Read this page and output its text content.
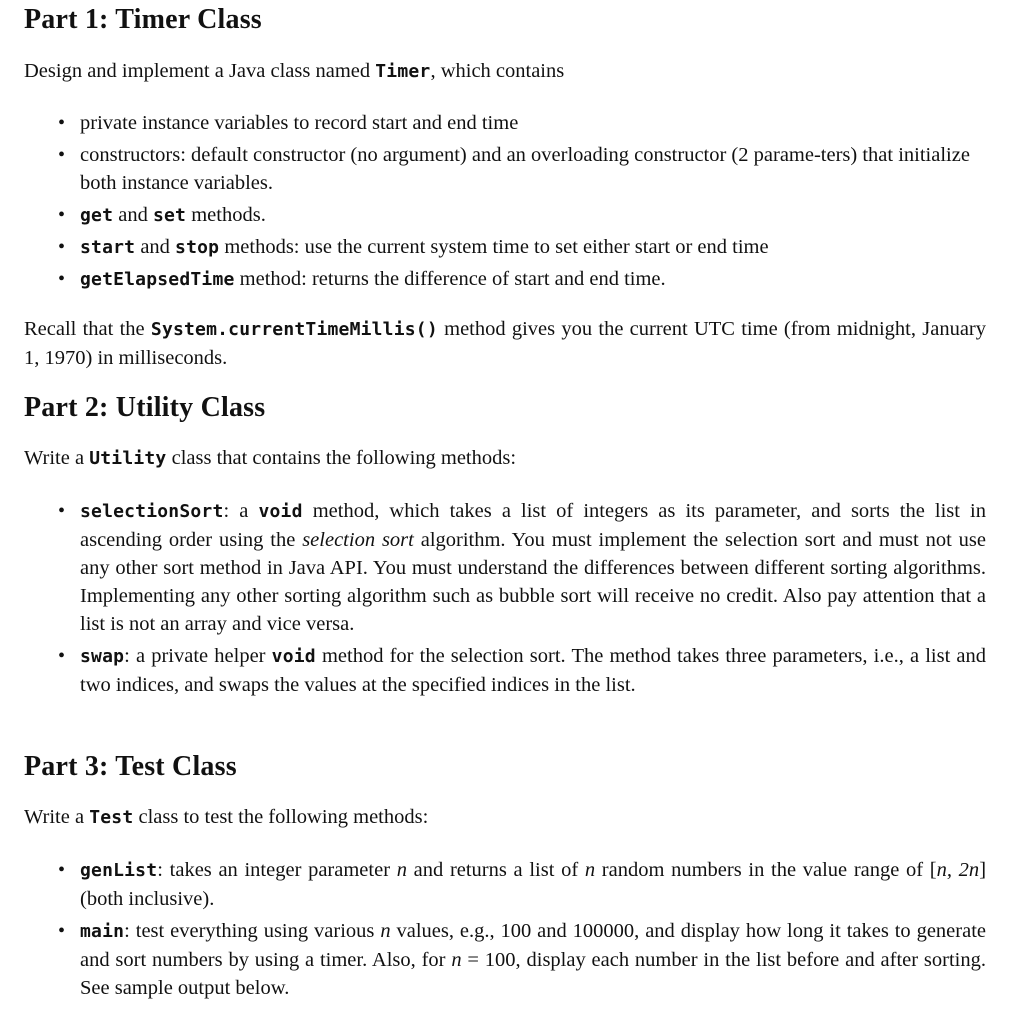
Part 1: Timer Class

Design and implement a Java class named Timer, which contains

• private instance variables to record start and end time
• constructors: default constructor (no argument) and an overloading constructor (2 parame-ters) that initialize both instance variables.
• get and set methods.
• start and stop methods: use the current system time to set either start or end time
• getElapsedTime method: returns the difference of start and end time.

Recall that the System.currentTimeMillis() method gives you the current UTC time (from midnight, January 1, 1970) in milliseconds.

Part 2: Utility Class

Write a Utility class that contains the following methods:

• selectionSort: a void method, which takes a list of integers as its parameter, and sorts the list in ascending order using the selection sort algorithm. You must implement the selection sort and must not use any other sort method in Java API. You must understand the differences between different sorting algorithms. Implementing any other sorting algorithm such as bubble sort will receive no credit. Also pay attention that a list is not an array and vice versa.
• swap: a private helper void method for the selection sort. The method takes three parameters, i.e., a list and two indices, and swaps the values at the specified indices in the list.
Part 3: Test Class

Write a Test class to test the following methods:

• genList: takes an integer parameter n and returns a list of n random numbers in the value range of [n, 2n] (both inclusive).
• main: test everything using various n values, e.g., 100 and 100000, and display how long it takes to generate and sort numbers by using a timer. Also, for n = 100, display each number in the list before and after sorting. See sample output below.
